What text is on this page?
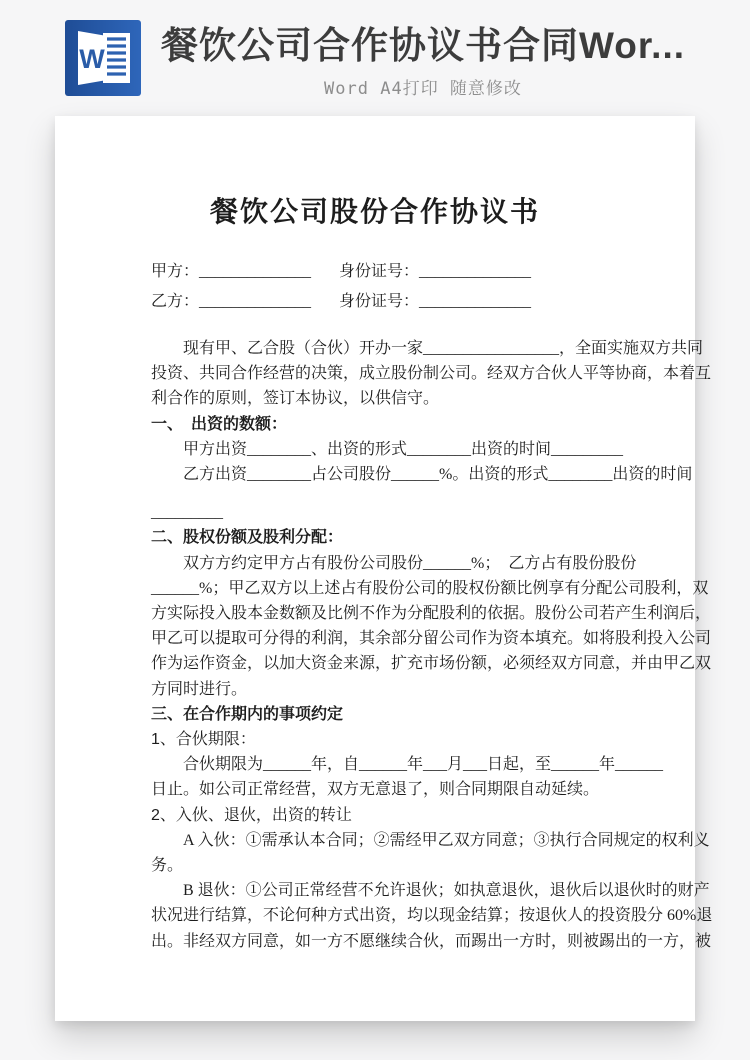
W 餐饮公司合作协议书合同Wor...
Word A4打印 随意修改
餐饮公司股份合作协议书
甲方： ______________ 身份证号： ______________
乙方： ______________ 身份证号： ______________

现有甲、乙合股（合伙）开办一家_________________，全面实施双方共同

投资、共同合作经营的决策，成立股份制公司。经双方合伙人平等协商，本着互

利合作的原则，签订本协议，以供信守。

一、　出资的数额：

甲方出资________、出资的形式________出资的时间_________

乙方出资________占公司股份______%。出资的形式________出资的时间

_________

二、股权份额及股利分配：

双方方约定甲方占有股份公司股份______%；　乙方占有股份股份

______%；甲乙双方以上述占有股份公司的股权份额比例享有分配公司股利，双

方实际投入股本金数额及比例不作为分配股利的依据。股份公司若产生利润后，

甲乙可以提取可分得的利润，其余部分留公司作为资本填充。如将股利投入公司

作为运作资金，以加大资金来源，扩充市场份额，必须经双方同意，并由甲乙双

方同时进行。

三、在合作期内的事项约定

1、合伙期限：

合伙期限为______年，自______年___月___日起，至______年______

日止。如公司正常经营，双方无意退了，则合同期限自动延续。

2、入伙、退伙，出资的转让

A 入伙：①需承认本合同；②需经甲乙双方同意；③执行合同规定的权利义

务。

B 退伙：①公司正常经营不允许退伙；如执意退伙，退伙后以退伙时的财产

状况进行结算，不论何种方式出资，均以现金结算；按退伙人的投资股分 60%退

出。非经双方同意，如一方不愿继续合伙，而踢出一方时，则被踢出的一方，被
